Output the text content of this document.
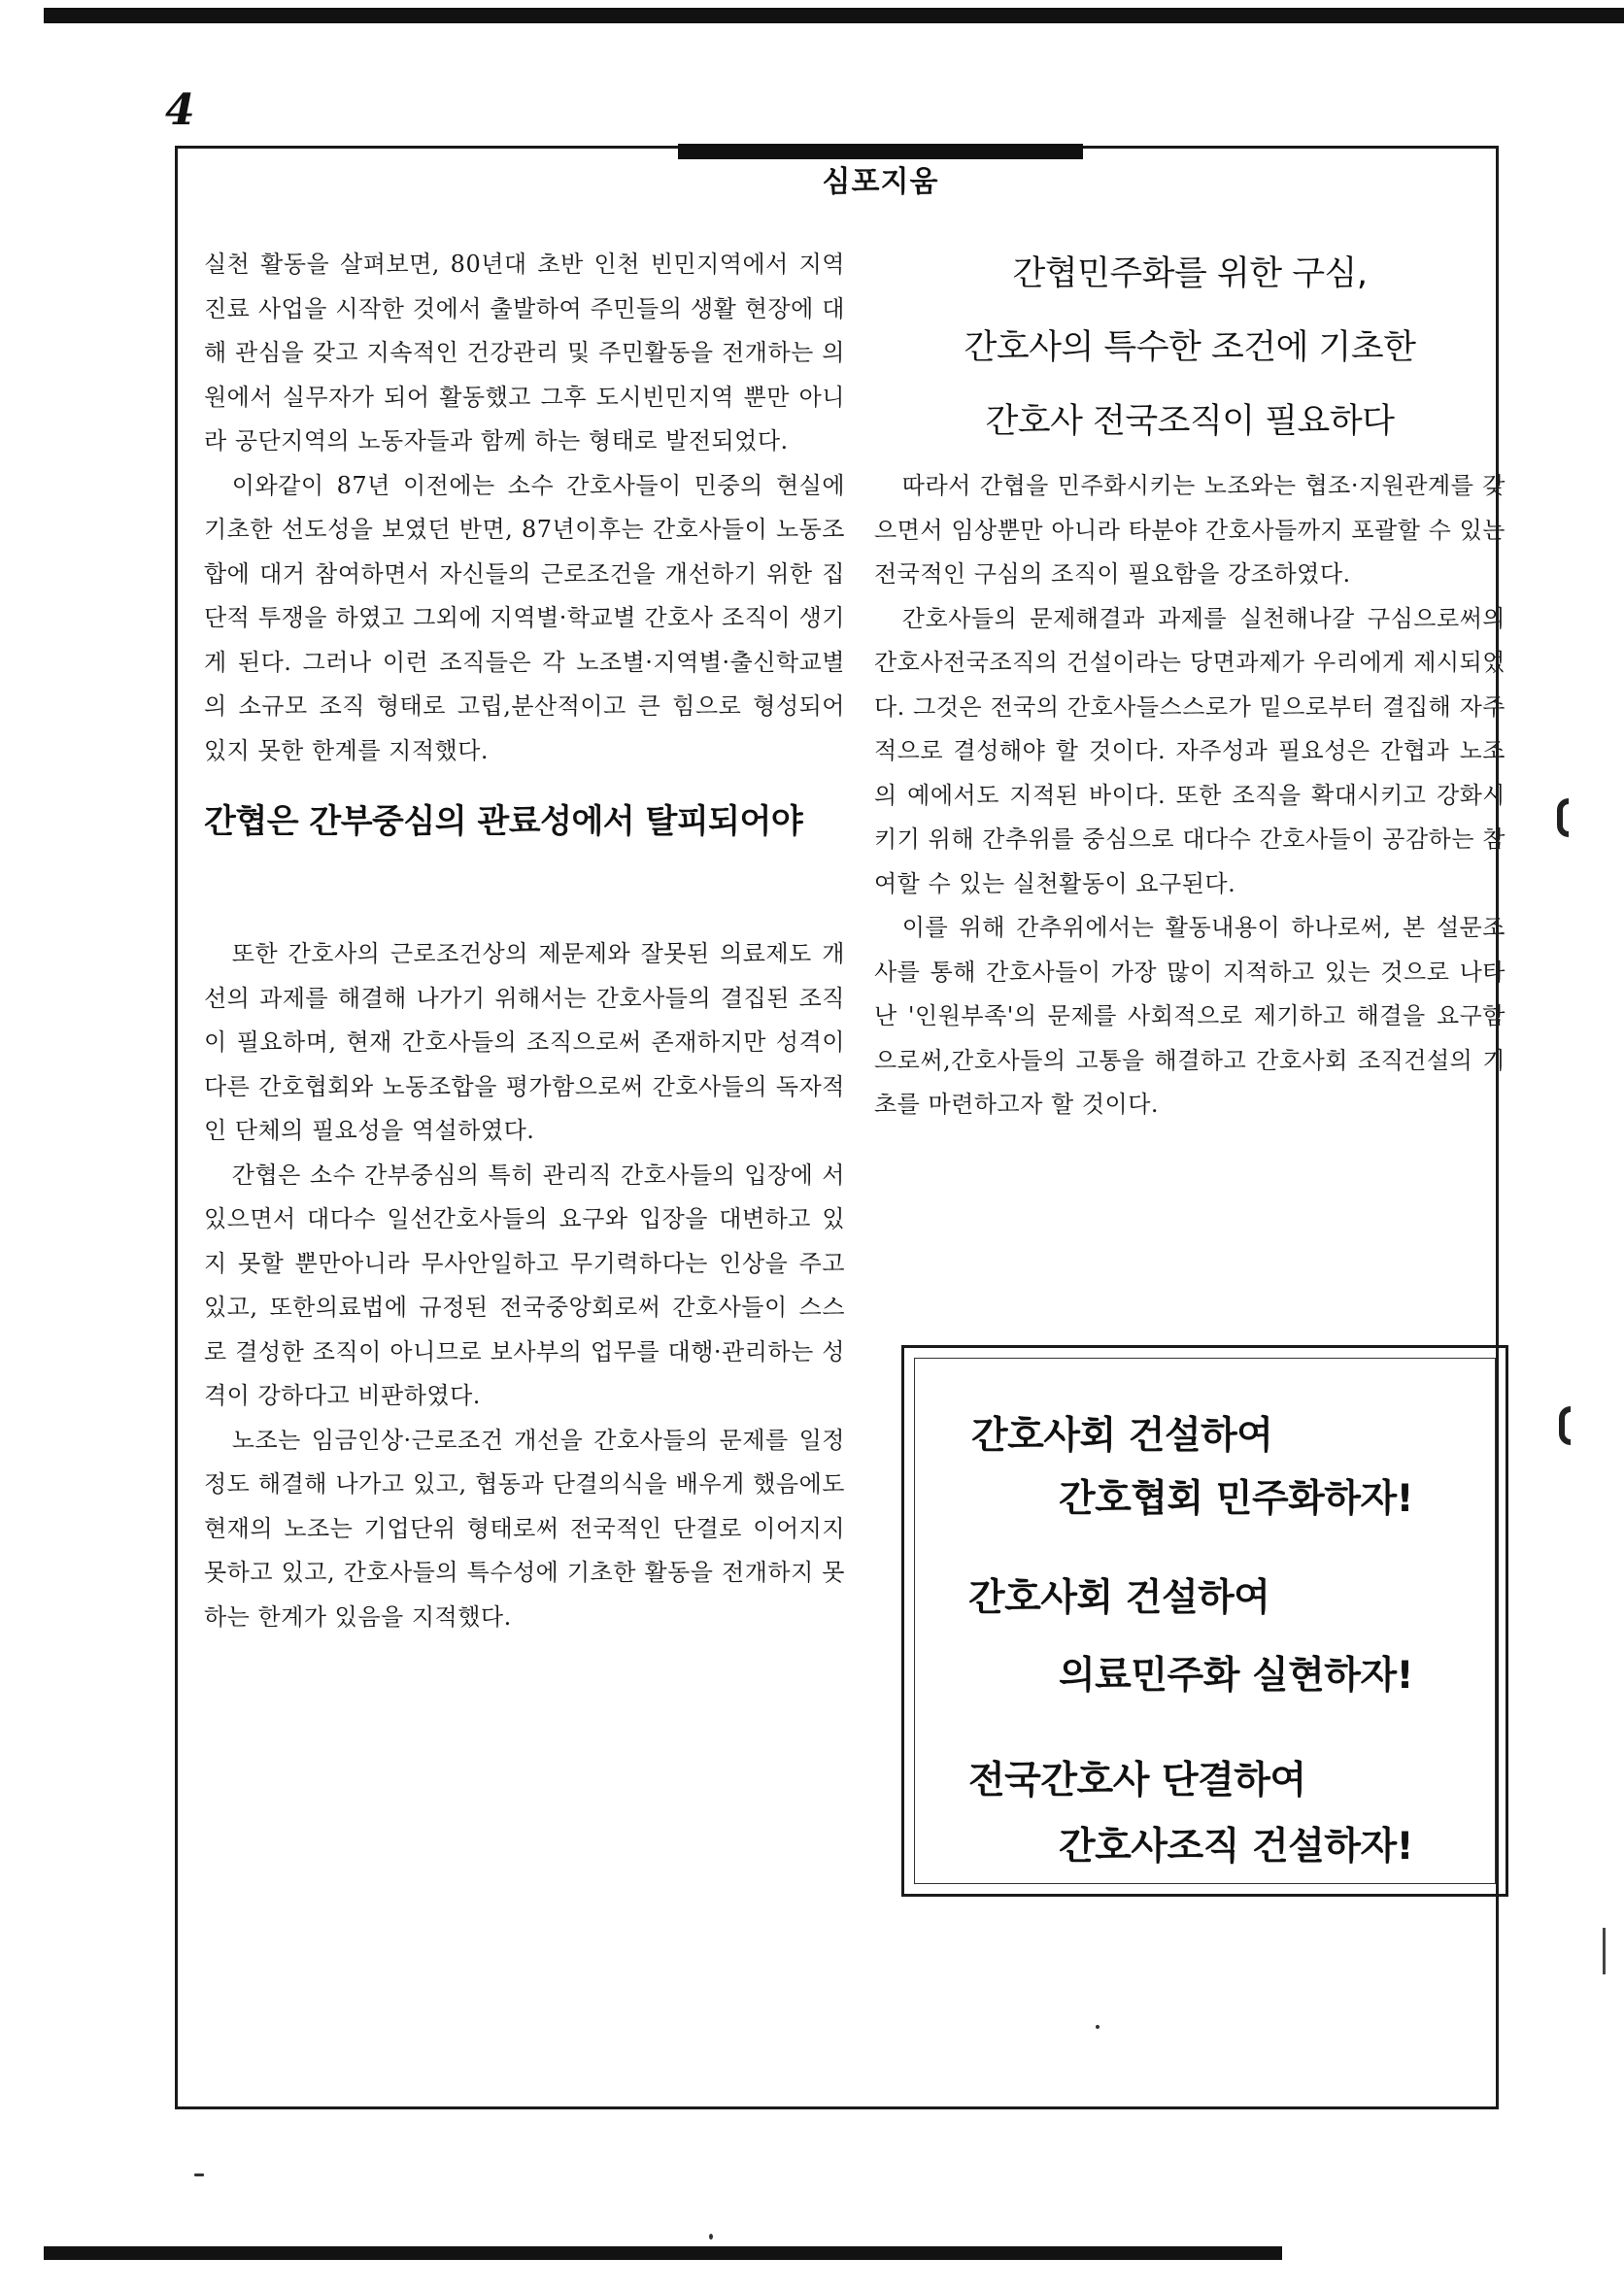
4
심포지움

실천 활동을 살펴보면, 80년대 초반 인천 빈민지역에서 지역 진료 사업을 시작한 것에서 출발하여 주민들의 생활 현장에 대해 관심을 갖고 지속적인 건강관리 및 주민활동을 전개하는 의원에서 실무자가 되어 활동했고 그후 도시빈민지역 뿐만 아니라 공단지역의 노동자들과 함께 하는 형태로 발전되었다.

이와같이 87년 이전에는 소수 간호사들이 민중의 현실에 기초한 선도성을 보였던 반면, 87년이후는 간호사들이 노동조합에 대거 참여하면서 자신들의 근로조건을 개선하기 위한 집단적 투쟁을 하였고 그외에 지역별·학교별 간호사 조직이 생기게 된다. 그러나 이런 조직들은 각 노조별·지역별·출신학교별의 소규모 조직 형태로 고립,분산적이고 큰 힘으로 형성되어 있지 못한 한계를 지적했다.

간협은 간부중심의 관료성에서 탈피되어야

또한 간호사의 근로조건상의 제문제와 잘못된 의료제도 개선의 과제를 해결해 나가기 위해서는 간호사들의 결집된 조직이 필요하며, 현재 간호사들의 조직으로써 존재하지만 성격이 다른 간호협회와 노동조합을 평가함으로써 간호사들의 독자적인 단체의 필요성을 역설하였다.

간협은 소수 간부중심의 특히 관리직 간호사들의 입장에 서 있으면서 대다수 일선간호사들의 요구와 입장을 대변하고 있지 못할 뿐만아니라 무사안일하고 무기력하다는 인상을 주고 있고, 또한의료법에 규정된 전국중앙회로써 간호사들이 스스로 결성한 조직이 아니므로 보사부의 업무를 대행·관리하는 성격이 강하다고 비판하였다.

노조는 임금인상·근로조건 개선을 간호사들의 문제를 일정정도 해결해 나가고 있고, 협동과 단결의식을 배우게 했음에도 현재의 노조는 기업단위 형태로써 전국적인 단결로 이어지지 못하고 있고, 간호사들의 특수성에 기초한 활동을 전개하지 못하는 한계가 있음을 지적했다.

간협민주화를 위한 구심,
간호사의 특수한 조건에 기초한
간호사 전국조직이 필요하다

따라서 간협을 민주화시키는 노조와는 협조·지원관계를 갖으면서 임상뿐만 아니라 타분야 간호사들까지 포괄할 수 있는 전국적인 구심의 조직이 필요함을 강조하였다.

간호사들의 문제해결과 과제를 실천해나갈 구심으로써의 간호사전국조직의 건설이라는 당면과제가 우리에게 제시되었다. 그것은 전국의 간호사들스스로가 밑으로부터 결집해 자주적으로 결성해야 할 것이다. 자주성과 필요성은 간협과 노조의 예에서도 지적된 바이다. 또한 조직을 확대시키고 강화시키기 위해 간추위를 중심으로 대다수 간호사들이 공감하는 참여할 수 있는 실천활동이 요구된다.

이를 위해 간추위에서는 활동내용이 하나로써, 본 설문조사를 통해 간호사들이 가장 많이 지적하고 있는 것으로 나타난 '인원부족'의 문제를 사회적으로 제기하고 해결을 요구함으로써,간호사들의 고통을 해결하고 간호사회 조직건설의 기초를 마련하고자 할 것이다.

간호사회 건설하여
간호협회 민주화하자!
간호사회 건설하여
의료민주화 실현하자!
전국간호사 단결하여
간호사조직 건설하자!
